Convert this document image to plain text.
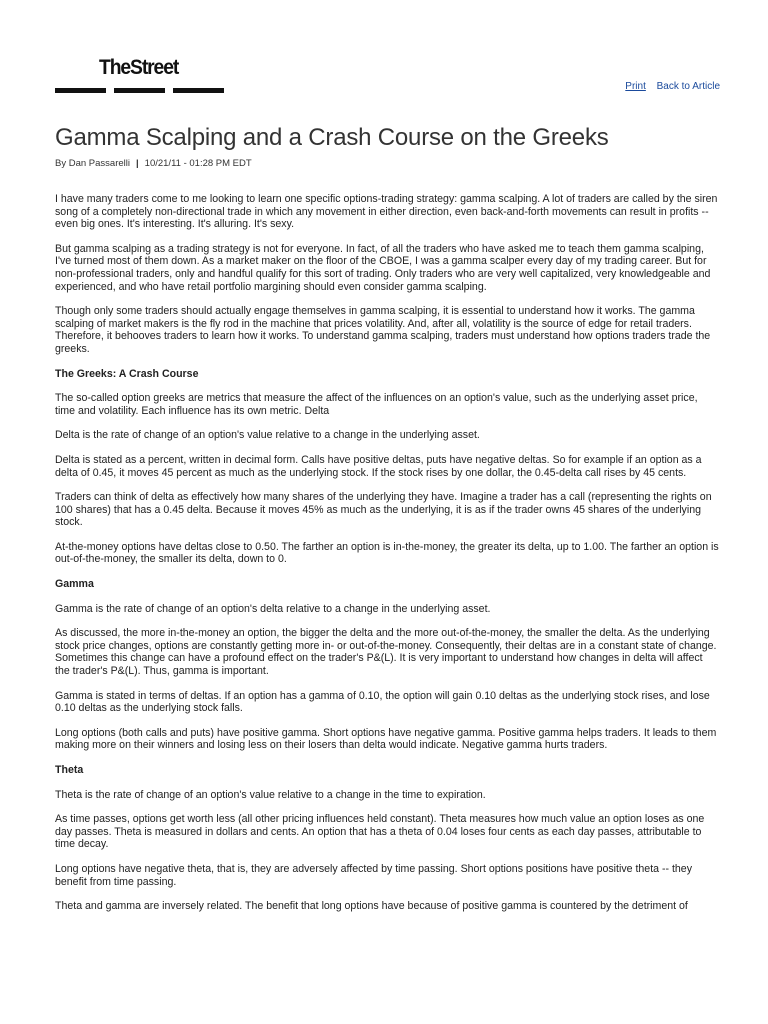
TheStreet
Print Back to Article
Gamma Scalping and a Crash Course on the Greeks
By Dan Passarelli | 10/21/11 - 01:28 PM EDT

I have many traders come to me looking to learn one specific options-trading strategy: gamma scalping. A lot of traders are called by the siren song of a completely non-directional trade in which any movement in either direction, even back-and-forth movements can result in profits -- even big ones. It's interesting. It's alluring. It's sexy.

But gamma scalping as a trading strategy is not for everyone. In fact, of all the traders who have asked me to teach them gamma scalping, I've turned most of them down. As a market maker on the floor of the CBOE, I was a gamma scalper every day of my trading career. But for non-professional traders, only and handful qualify for this sort of trading. Only traders who are very well capitalized, very knowledgeable and experienced, and who have retail portfolio margining should even consider gamma scalping.

Though only some traders should actually engage themselves in gamma scalping, it is essential to understand how it works. The gamma scalping of market makers is the fly rod in the machine that prices volatility. And, after all, volatility is the source of edge for retail traders. Therefore, it behooves traders to learn how it works. To understand gamma scalping, traders must understand how options traders trade the greeks.

The Greeks: A Crash Course

The so-called option greeks are metrics that measure the affect of the influences on an option's value, such as the underlying asset price, time and volatility. Each influence has its own metric. Delta

Delta is the rate of change of an option's value relative to a change in the underlying asset.

Delta is stated as a percent, written in decimal form. Calls have positive deltas, puts have negative deltas. So for example if an option as a delta of 0.45, it moves 45 percent as much as the underlying stock. If the stock rises by one dollar, the 0.45-delta call rises by 45 cents.

Traders can think of delta as effectively how many shares of the underlying they have. Imagine a trader has a call (representing the rights on 100 shares) that has a 0.45 delta. Because it moves 45% as much as the underlying, it is as if the trader owns 45 shares of the underlying stock.

At-the-money options have deltas close to 0.50. The farther an option is in-the-money, the greater its delta, up to 1.00. The farther an option is out-of-the-money, the smaller its delta, down to 0.

Gamma

Gamma is the rate of change of an option's delta relative to a change in the underlying asset.

As discussed, the more in-the-money an option, the bigger the delta and the more out-of-the-money, the smaller the delta. As the underlying stock price changes, options are constantly getting more in- or out-of-the-money. Consequently, their deltas are in a constant state of change. Sometimes this change can have a profound effect on the trader's P&(L). It is very important to understand how changes in delta will affect the trader's P&(L). Thus, gamma is important.

Gamma is stated in terms of deltas. If an option has a gamma of 0.10, the option will gain 0.10 deltas as the underlying stock rises, and lose 0.10 deltas as the underlying stock falls.

Long options (both calls and puts) have positive gamma. Short options have negative gamma. Positive gamma helps traders. It leads to them making more on their winners and losing less on their losers than delta would indicate. Negative gamma hurts traders.

Theta

Theta is the rate of change of an option's value relative to a change in the time to expiration.

As time passes, options get worth less (all other pricing influences held constant). Theta measures how much value an option loses as one day passes. Theta is measured in dollars and cents. An option that has a theta of 0.04 loses four cents as each day passes, attributable to time decay.

Long options have negative theta, that is, they are adversely affected by time passing. Short options positions have positive theta -- they benefit from time passing.

Theta and gamma are inversely related. The benefit that long options have because of positive gamma is countered by the detriment of
